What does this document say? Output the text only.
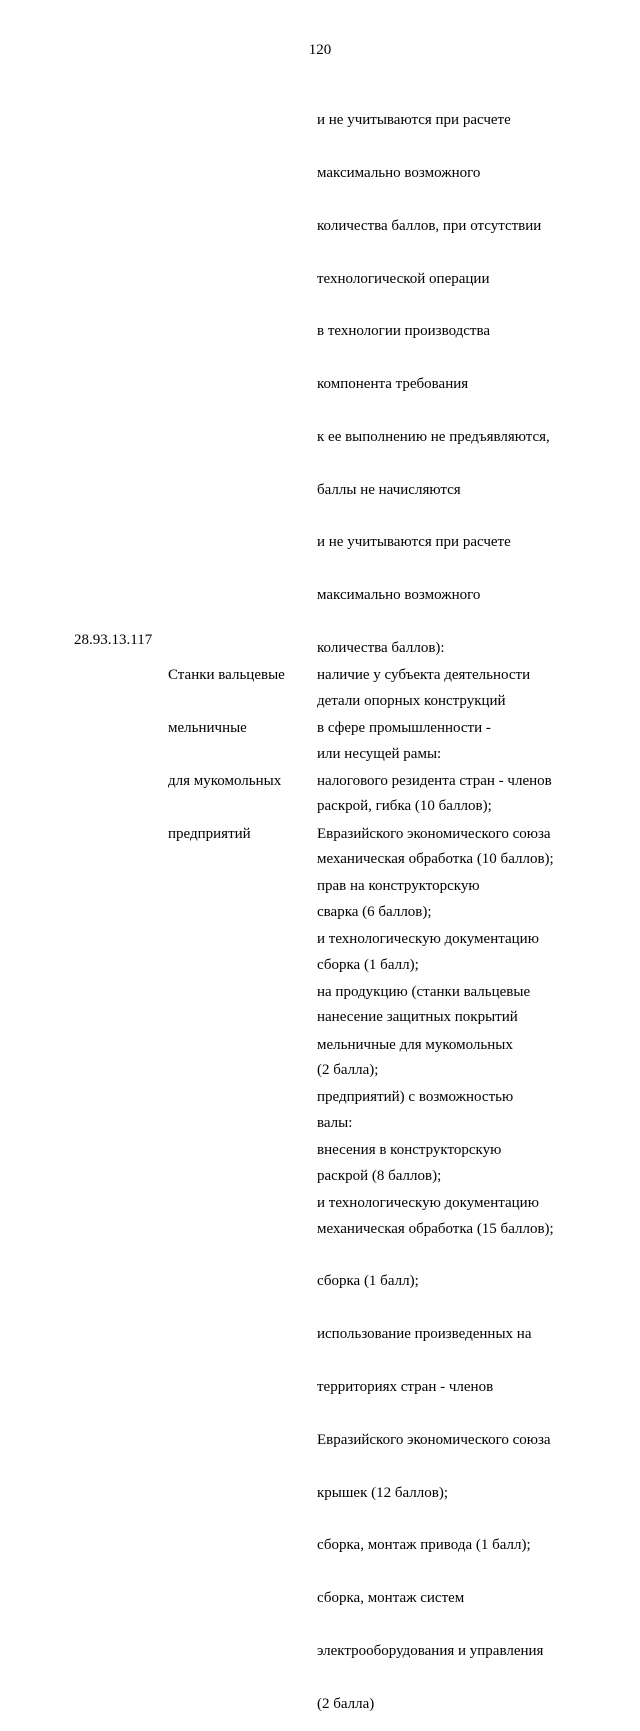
120

и не учитываются при расчете

максимально возможного

количества баллов, при отсутствии

технологической операции

в технологии производства

компонента требования

к ее выполнению не предъявляются,

баллы не начисляются

и не учитываются при расчете

максимально возможного

количества баллов):

детали опорных конструкций

или несущей рамы:

раскрой, гибка (10 баллов);

механическая обработка (10 баллов);

сварка (6 баллов);

сборка (1 балл);

нанесение защитных покрытий

(2 балла);

валы:

раскрой (8 баллов);

механическая обработка (15 баллов);

сборка (1 балл);

использование произведенных на

территориях стран - членов

Евразийского экономического союза

крышек (12 баллов);

сборка, монтаж привода (1 балл);

сборка, монтаж систем

электрооборудования и управления

(2 балла)

28.93.13.117

Станки вальцевые

мельничные

для мукомольных

предприятий

наличие у субъекта деятельности

в сфере промышленности -

налогового резидента стран - членов

Евразийского экономического союза

прав на конструкторскую

и технологическую документацию

на продукцию (станки вальцевые

мельничные для мукомольных

предприятий) с возможностью

внесения в конструкторскую

и технологическую документацию
